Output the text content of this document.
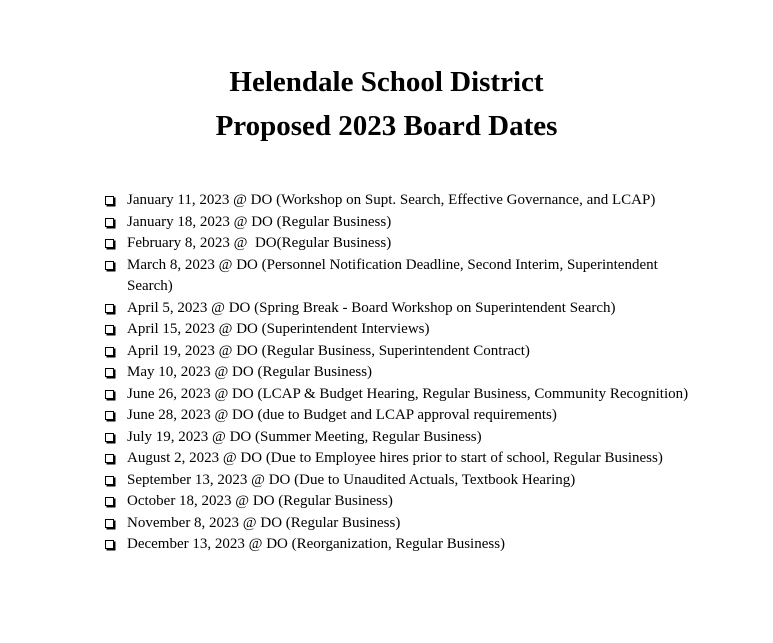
Helendale School District
Proposed 2023 Board Dates
January 11, 2023 @ DO (Workshop on Supt. Search, Effective Governance, and LCAP)
January 18, 2023 @ DO (Regular Business)
February 8, 2023 @  DO(Regular Business)
March 8, 2023 @ DO (Personnel Notification Deadline, Second Interim, Superintendent Search)
April 5, 2023 @ DO (Spring Break - Board Workshop on Superintendent Search)
April 15, 2023 @ DO (Superintendent Interviews)
April 19, 2023 @ DO (Regular Business, Superintendent Contract)
May 10, 2023 @ DO (Regular Business)
June 26, 2023 @ DO (LCAP & Budget Hearing, Regular Business, Community Recognition)
June 28, 2023 @ DO (due to Budget and LCAP approval requirements)
July 19, 2023 @ DO (Summer Meeting, Regular Business)
August 2, 2023 @ DO (Due to Employee hires prior to start of school, Regular Business)
September 13, 2023 @ DO (Due to Unaudited Actuals, Textbook Hearing)
October 18, 2023 @ DO (Regular Business)
November 8, 2023 @ DO (Regular Business)
December 13, 2023 @ DO (Reorganization, Regular Business)
